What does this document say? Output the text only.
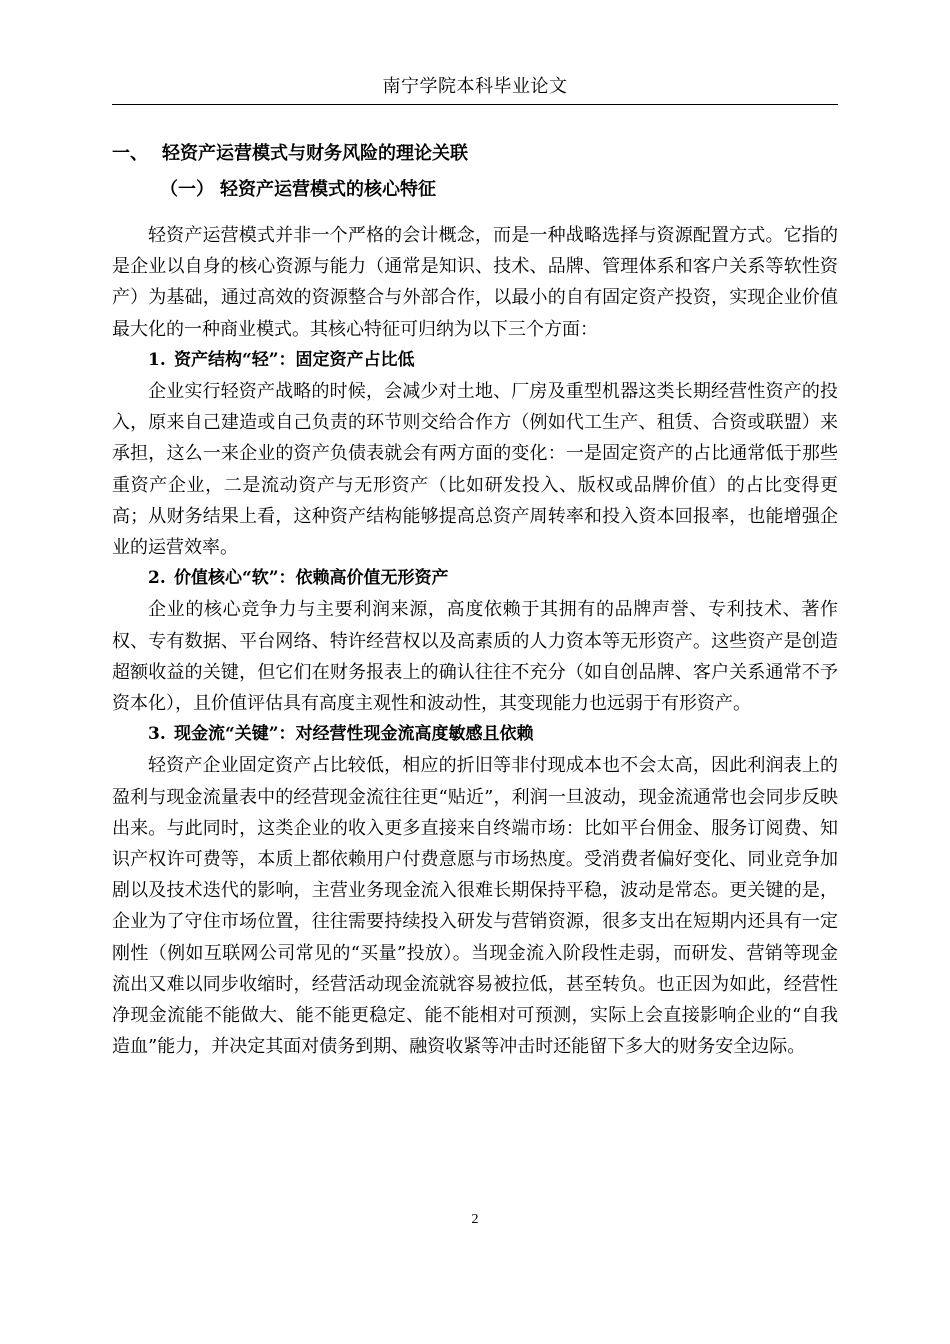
南宁学院本科毕业论文
一、 轻资产运营模式与财务风险的理论关联
（一） 轻资产运营模式的核心特征

轻资产运营模式并非一个严格的会计概念，而是一种战略选择与资源配置方式。它指的是企业以自身的核心资源与能力（通常是知识、技术、品牌、管理体系和客户关系等软性资产）为基础，通过高效的资源整合与外部合作，以最小的自有固定资产投资，实现企业价值最大化的一种商业模式。其核心特征可归纳为以下三个方面：

1. 资产结构“轻”：固定资产占比低

企业实行轻资产战略的时候，会减少对土地、厂房及重型机器这类长期经营性资产的投入，原来自己建造或自己负责的环节则交给合作方（例如代工生产、租赁、合资或联盟）来承担，这么一来企业的资产负债表就会有两方面的变化：一是固定资产的占比通常低于那些重资产企业，二是流动资产与无形资产（比如研发投入、版权或品牌价值）的占比变得更高；从财务结果上看，这种资产结构能够提高总资产周转率和投入资本回报率，也能增强企业的运营效率。

2. 价值核心“软”：依赖高价值无形资产

企业的核心竞争力与主要利润来源，高度依赖于其拥有的品牌声誉、专利技术、著作权、专有数据、平台网络、特许经营权以及高素质的人力资本等无形资产。这些资产是创造超额收益的关键，但它们在财务报表上的确认往往不充分（如自创品牌、客户关系通常不予资本化），且价值评估具有高度主观性和波动性，其变现能力也远弱于有形资产。

3. 现金流“关键”：对经营性现金流高度敏感且依赖

轻资产企业固定资产占比较低，相应的折旧等非付现成本也不会太高，因此利润表上的盈利与现金流量表中的经营现金流往往更“贴近”，利润一旦波动，现金流通常也会同步反映出来。与此同时，这类企业的收入更多直接来自终端市场：比如平台佣金、服务订阅费、知识产权许可费等，本质上都依赖用户付费意愿与市场热度。受消费者偏好变化、同业竞争加剧以及技术迭代的影响，主营业务现金流入很难长期保持平稳，波动是常态。更关键的是，企业为了守住市场位置，往往需要持续投入研发与营销资源，很多支出在短期内还具有一定刚性（例如互联网公司常见的“买量”投放）。当现金流入阶段性走弱，而研发、营销等现金流出又难以同步收缩时，经营活动现金流就容易被拉低，甚至转负。也正因为如此，经营性净现金流能不能做大、能不能更稳定、能不能相对可预测，实际上会直接影响企业的“自我造血”能力，并决定其面对债务到期、融资收紧等冲击时还能留下多大的财务安全边际。

2
